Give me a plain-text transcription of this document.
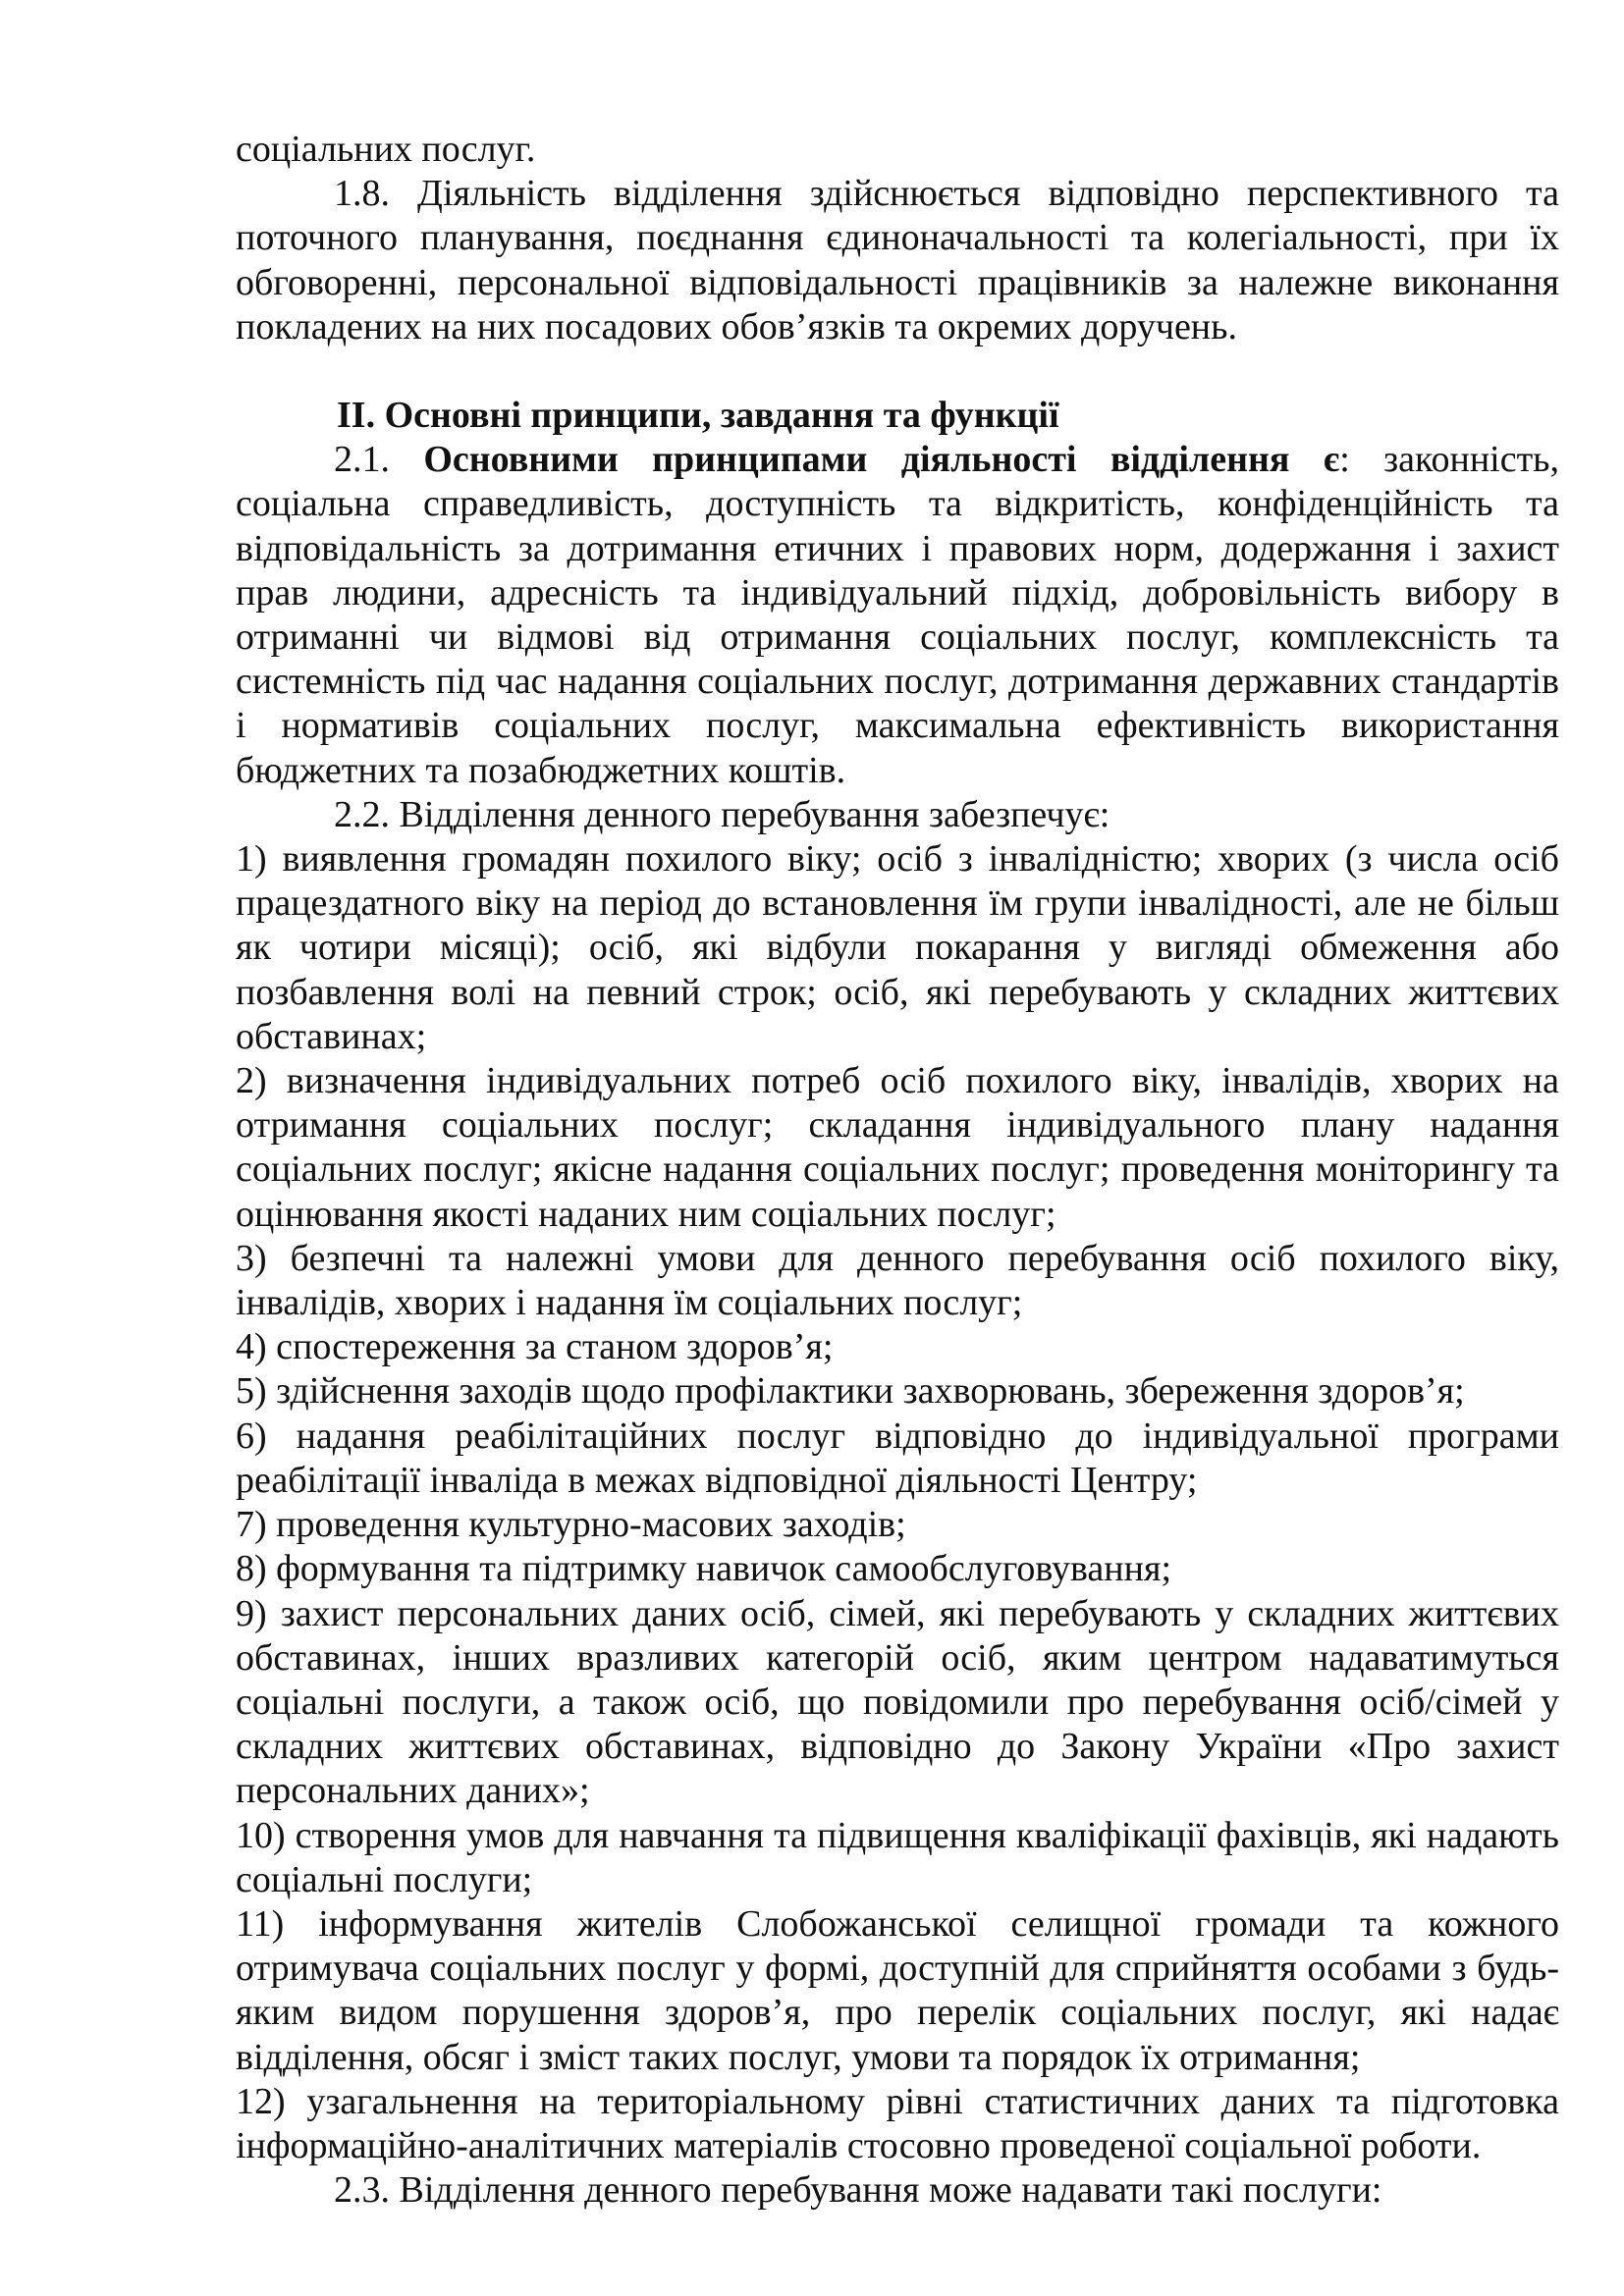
соціальних послуг.

1.8. Діяльність відділення здійснюється відповідно перспективного та поточного планування, поєднання єдиноначальності та колегіальності, при їх обговоренні, персональної відповідальності працівників за належне виконання покладених на них посадових обов’язків та окремих доручень.

ІІ. Основні принципи, завдання та функції

2.1. Основними принципами діяльності відділення є: законність, соціальна справедливість, доступність та відкритість, конфіденційність та відповідальність за дотримання етичних і правових норм, додержання і захист прав людини, адресність та індивідуальний підхід, добровільність вибору в отриманні чи відмові від отримання соціальних послуг, комплексність та системність під час надання соціальних послуг, дотримання державних стандартів і нормативів соціальних послуг, максимальна ефективність використання бюджетних та позабюджетних коштів.

2.2. Відділення денного перебування забезпечує:

1) виявлення громадян похилого віку; осіб з інвалідністю; хворих (з числа осіб працездатного віку на період до встановлення їм групи інвалідності, але не більш як чотири місяці); осіб, які відбули покарання у вигляді обмеження або позбавлення волі на певний строк; осіб, які перебувають у складних життєвих обставинах;

2) визначення індивідуальних потреб осіб похилого віку, інвалідів, хворих на отримання соціальних послуг; складання індивідуального плану надання соціальних послуг; якісне надання соціальних послуг; проведення моніторингу та оцінювання якості наданих ним соціальних послуг;

3) безпечні та належні умови для денного перебування осіб похилого віку, інвалідів, хворих і надання їм соціальних послуг;

4) спостереження за станом здоров’я;

5) здійснення заходів щодо профілактики захворювань, збереження здоров’я;

6) надання реабілітаційних послуг відповідно до індивідуальної програми реабілітації інваліда в межах відповідної діяльності Центру;

7) проведення культурно-масових заходів;

8) формування та підтримку навичок самообслуговування;

9) захист персональних даних осіб, сімей, які перебувають у складних життєвих обставинах, інших вразливих категорій осіб, яким центром надаватимуться соціальні послуги, а також осіб, що повідомили про перебування осіб/сімей у складних життєвих обставинах, відповідно до Закону України «Про захист персональних даних»;

10) створення умов для навчання та підвищення кваліфікації фахівців, які надають соціальні послуги;

11) інформування жителів Слобожанської селищної громади та кожного отримувача соціальних послуг у формі, доступній для сприйняття особами з будь-яким видом порушення здоров’я, про перелік соціальних послуг, які надає відділення, обсяг і зміст таких послуг, умови та порядок їх отримання;

12) узагальнення на територіальному рівні статистичних даних та підготовка інформаційно-аналітичних матеріалів стосовно проведеної соціальної роботи.

2.3. Відділення денного перебування може надавати такі послуги:
